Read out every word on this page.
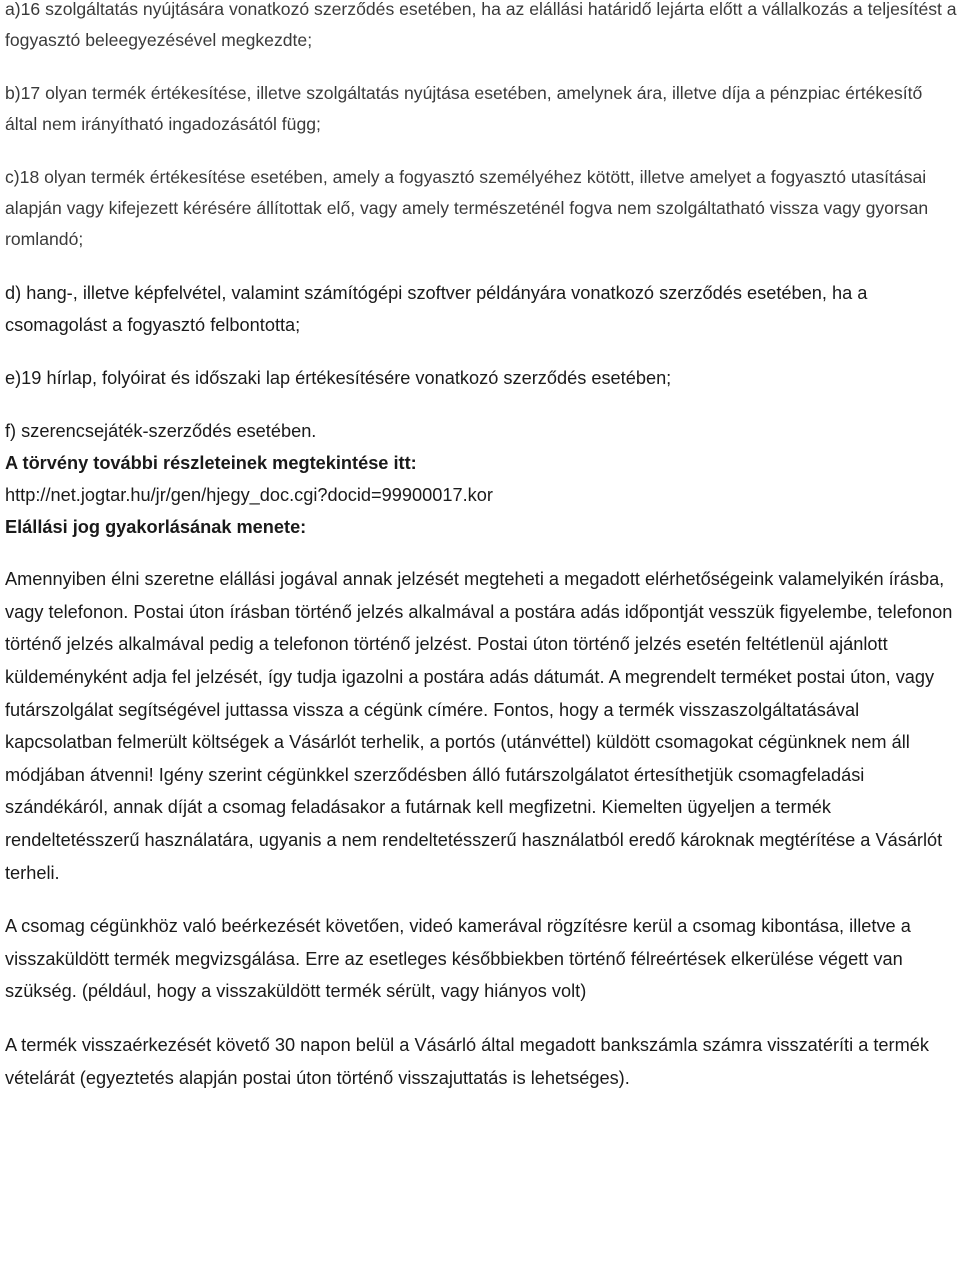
a)16 szolgáltatás nyújtására vonatkozó szerződés esetében, ha az elállási határidő lejárta előtt a vállalkozás a teljesítést a fogyasztó beleegyezésével megkezdte;

b)17 olyan termék értékesítése, illetve szolgáltatás nyújtása esetében, amelynek ára, illetve díja a pénzpiac értékesítő által nem irányítható ingadozásától függ;

c)18 olyan termék értékesítése esetében, amely a fogyasztó személyéhez kötött, illetve amelyet a fogyasztó utasításai alapján vagy kifejezett kérésére állítottak elő, vagy amely természeténél fogva nem szolgáltatható vissza vagy gyorsan romlandó;

d) hang-, illetve képfelvétel, valamint számítógépi szoftver példányára vonatkozó szerződés esetében, ha a csomagolást a fogyasztó felbontotta;

e)19 hírlap, folyóirat és időszaki lap értékesítésére vonatkozó szerződés esetében;

f) szerencsejáték-szerződés esetében.

A törvény további részleteinek megtekintése itt:

http://net.jogtar.hu/jr/gen/hjegy_doc.cgi?docid=99900017.kor

Elállási jog gyakorlásának menete:

Amennyiben élni szeretne elállási jogával annak jelzését megteheti a megadott elérhetőségeink valamelyikén írásba, vagy telefonon. Postai úton írásban történő jelzés alkalmával a postára adás időpontját vesszük figyelembe, telefonon történő jelzés alkalmával pedig a telefonon történő jelzést. Postai úton történő jelzés esetén feltétlenül ajánlott küldeményként adja fel jelzését, így tudja igazolni a postára adás dátumát. A megrendelt terméket postai úton, vagy futárszolgálat segítségével juttassa vissza a cégünk címére. Fontos, hogy a termék visszaszolgáltatásával kapcsolatban felmerült költségek a Vásárlót terhelik, a portós (utánvéttel) küldött csomagokat cégünknek nem áll módjában átvenni! Igény szerint cégünkkel szerződésben álló futárszolgálatot értesíthetjük csomagfeladási szándékáról, annak díját a csomag feladásakor a futárnak kell megfizetni. Kiemelten ügyeljen a termék rendeltetésszerű használatára, ugyanis a nem rendeltetésszerű használatból eredő károknak megtérítése a Vásárlót terheli.

A csomag cégünkhöz való beérkezését követően, videó kamerával rögzítésre kerül a csomag kibontása, illetve a visszaküldött termék megvizsgálása. Erre az esetleges későbbiekben történő félreértések elkerülése végett van szükség. (például, hogy a visszaküldött termék sérült, vagy hiányos volt)

A termék visszaérkezését követő 30 napon belül a Vásárló által megadott bankszámla számra visszatéríti a termék vételárát (egyeztetés alapján postai úton történő visszajuttatás is lehetséges).
